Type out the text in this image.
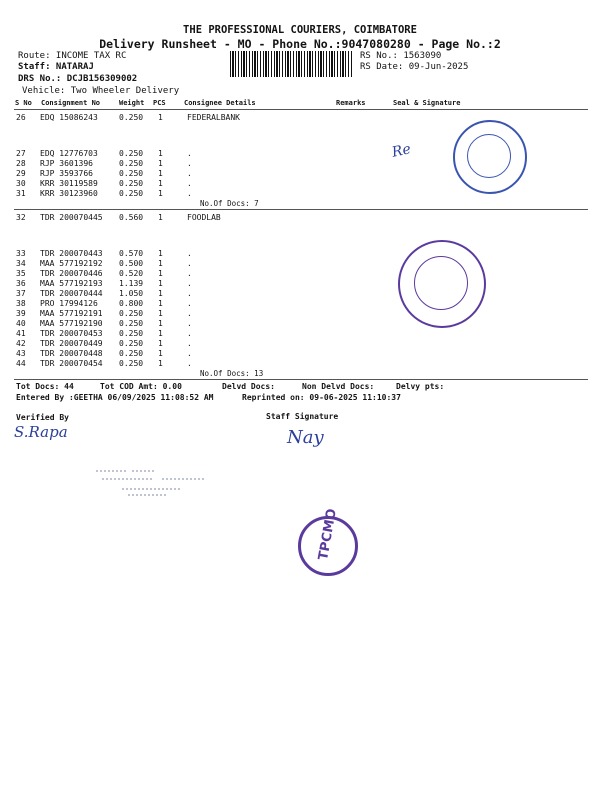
THE PROFESSIONAL COURIERS, COIMBATORE
Delivery Runsheet - MO - Phone No.:9047080280 - Page No.:2
Route: INCOME TAX RC
Staff: NATARAJ
DRS No.: DCJB156309002
Vehicle: Two Wheeler Delivery
RS No.: 1563090
RS Date: 09-Jun-2025
S No Consignment No	Weight PCS	Consignee Details	Remarks	Seal & Signature
26 EDQ 15086243	0.250 1	FEDERALBANK
27 EDQ 12776703	0.250 1	.
28 RJP 3601396	0.250 1	.
29 RJP 3593766	0.250 1	.
30 KRR 30119589	0.250 1	.
31 KRR 30123960	0.250 1	.
No.Of Docs: 7
32 TDR 200070445 0.560 1	FOODLAB
33 TDR 200070443 0.570 1	.
34 MAA 577192192 0.500 1	.
35 TDR 200070446 0.520 1	.
36 MAA 577192193 1.139 1	.
37 TDR 200070444 1.050 1	.
38 PRO 17994126	0.800 1	.
39 MAA 577192191 0.250 1	.
40 MAA 577192190 0.250 1	.
41 TDR 200070453 0.250 1	.
42 TDR 200070449 0.250 1	.
43 TDR 200070448 0.250 1	.
44 TDR 200070454 0.250 1	.
No.Of Docs: 13
Tot Docs: 44	Tot COD Amt: 0.00	Delvd Docs:	Non Delvd Docs:	Delvy pts:
Entered By :GEETHA 06/09/2025 11:08:52 AM	Reprinted on: 09-06-2025 11:10:37
Verified By	Staff Signature
S.Rapa	Nay
Re
TPCMO
